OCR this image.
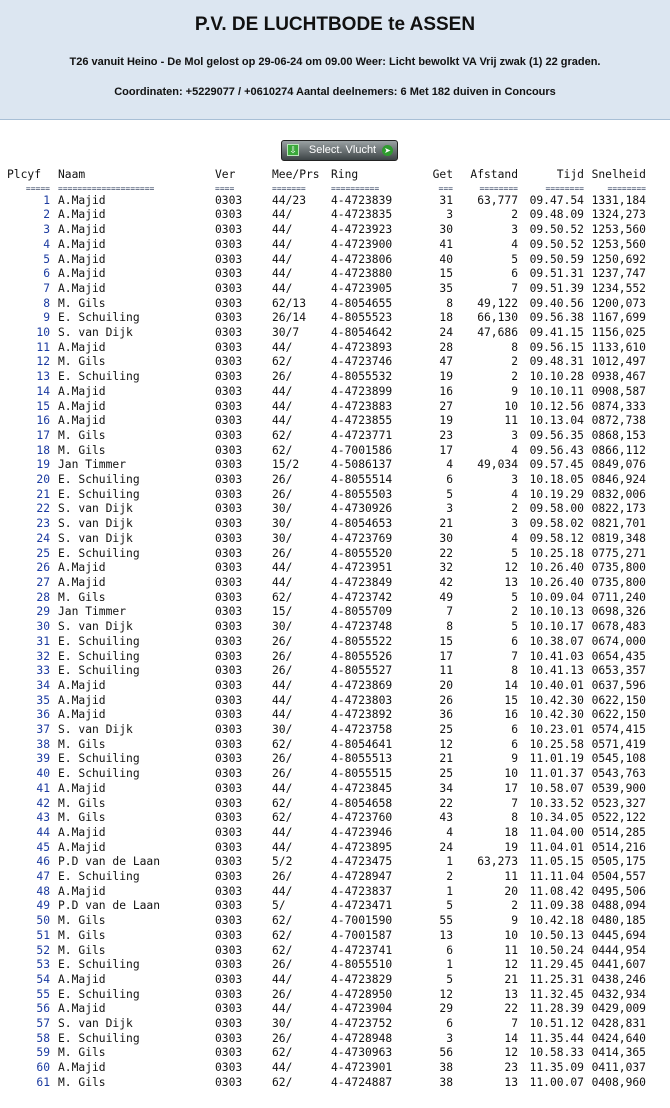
P.V. DE LUCHTBODE te ASSEN
T26 vanuit Heino - De Mol gelost op 29-06-24 om 09.00 Weer: Licht bewolkt VA Vrij zwak (1) 22 graden.
Coordinaten: +5229077 / +0610274 Aantal deelnemers: 6 Met 182 duiven in Concours
⇩ Select. Vlucht ➤
Plcyf	Naam	Ver	Mee/Prs	Ring	Get	Afstand	Tijd	Snelheid
=====	====================	====	=======	==========	===	========	========	========
1	A.Majid	0303	44/23	4-4723839	31	63,777	09.47.54	1331,184
2	A.Majid	0303	44/	4-4723835	3	2	09.48.09	1324,273
3	A.Majid	0303	44/	4-4723923	30	3	09.50.52	1253,560
4	A.Majid	0303	44/	4-4723900	41	4	09.50.52	1253,560
5	A.Majid	0303	44/	4-4723806	40	5	09.50.59	1250,692
6	A.Majid	0303	44/	4-4723880	15	6	09.51.31	1237,747
7	A.Majid	0303	44/	4-4723905	35	7	09.51.39	1234,552
8	M. Gils	0303	62/13	4-8054655	8	49,122	09.40.56	1200,073
9	E. Schuiling	0303	26/14	4-8055523	18	66,130	09.56.38	1167,699
10	S. van Dijk	0303	30/7	4-8054642	24	47,686	09.41.15	1156,025
11	A.Majid	0303	44/	4-4723893	28	8	09.56.15	1133,610
12	M. Gils	0303	62/	4-4723746	47	2	09.48.31	1012,497
13	E. Schuiling	0303	26/	4-8055532	19	2	10.10.28	0938,467
14	A.Majid	0303	44/	4-4723899	16	9	10.10.11	0908,587
15	A.Majid	0303	44/	4-4723883	27	10	10.12.56	0874,333
16	A.Majid	0303	44/	4-4723855	19	11	10.13.04	0872,738
17	M. Gils	0303	62/	4-4723771	23	3	09.56.35	0868,153
18	M. Gils	0303	62/	4-7001586	17	4	09.56.43	0866,112
19	Jan Timmer	0303	15/2	4-5086137	4	49,034	09.57.45	0849,076
20	E. Schuiling	0303	26/	4-8055514	6	3	10.18.05	0846,924
21	E. Schuiling	0303	26/	4-8055503	5	4	10.19.29	0832,006
22	S. van Dijk	0303	30/	4-4730926	3	2	09.58.00	0822,173
23	S. van Dijk	0303	30/	4-8054653	21	3	09.58.02	0821,701
24	S. van Dijk	0303	30/	4-4723769	30	4	09.58.12	0819,348
25	E. Schuiling	0303	26/	4-8055520	22	5	10.25.18	0775,271
26	A.Majid	0303	44/	4-4723951	32	12	10.26.40	0735,800
27	A.Majid	0303	44/	4-4723849	42	13	10.26.40	0735,800
28	M. Gils	0303	62/	4-4723742	49	5	10.09.04	0711,240
29	Jan Timmer	0303	15/	4-8055709	7	2	10.10.13	0698,326
30	S. van Dijk	0303	30/	4-4723748	8	5	10.10.17	0678,483
31	E. Schuiling	0303	26/	4-8055522	15	6	10.38.07	0674,000
32	E. Schuiling	0303	26/	4-8055526	17	7	10.41.03	0654,435
33	E. Schuiling	0303	26/	4-8055527	11	8	10.41.13	0653,357
34	A.Majid	0303	44/	4-4723869	20	14	10.40.01	0637,596
35	A.Majid	0303	44/	4-4723803	26	15	10.42.30	0622,150
36	A.Majid	0303	44/	4-4723892	36	16	10.42.30	0622,150
37	S. van Dijk	0303	30/	4-4723758	25	6	10.23.01	0574,415
38	M. Gils	0303	62/	4-8054641	12	6	10.25.58	0571,419
39	E. Schuiling	0303	26/	4-8055513	21	9	11.01.19	0545,108
40	E. Schuiling	0303	26/	4-8055515	25	10	11.01.37	0543,763
41	A.Majid	0303	44/	4-4723845	34	17	10.58.07	0539,900
42	M. Gils	0303	62/	4-8054658	22	7	10.33.52	0523,327
43	M. Gils	0303	62/	4-4723760	43	8	10.34.05	0522,122
44	A.Majid	0303	44/	4-4723946	4	18	11.04.00	0514,285
45	A.Majid	0303	44/	4-4723895	24	19	11.04.01	0514,216
46	P.D van de Laan	0303	5/2	4-4723475	1	63,273	11.05.15	0505,175
47	E. Schuiling	0303	26/	4-4728947	2	11	11.11.04	0504,557
48	A.Majid	0303	44/	4-4723837	1	20	11.08.42	0495,506
49	P.D van de Laan	0303	5/	4-4723471	5	2	11.09.38	0488,094
50	M. Gils	0303	62/	4-7001590	55	9	10.42.18	0480,185
51	M. Gils	0303	62/	4-7001587	13	10	10.50.13	0445,694
52	M. Gils	0303	62/	4-4723741	6	11	10.50.24	0444,954
53	E. Schuiling	0303	26/	4-8055510	1	12	11.29.45	0441,607
54	A.Majid	0303	44/	4-4723829	5	21	11.25.31	0438,246
55	E. Schuiling	0303	26/	4-4728950	12	13	11.32.45	0432,934
56	A.Majid	0303	44/	4-4723904	29	22	11.28.39	0429,009
57	S. van Dijk	0303	30/	4-4723752	6	7	10.51.12	0428,831
58	E. Schuiling	0303	26/	4-4728948	3	14	11.35.44	0424,640
59	M. Gils	0303	62/	4-4730963	56	12	10.58.33	0414,365
60	A.Majid	0303	44/	4-4723901	38	23	11.35.09	0411,037
61	M. Gils	0303	62/	4-4724887	38	13	11.00.07	0408,960
